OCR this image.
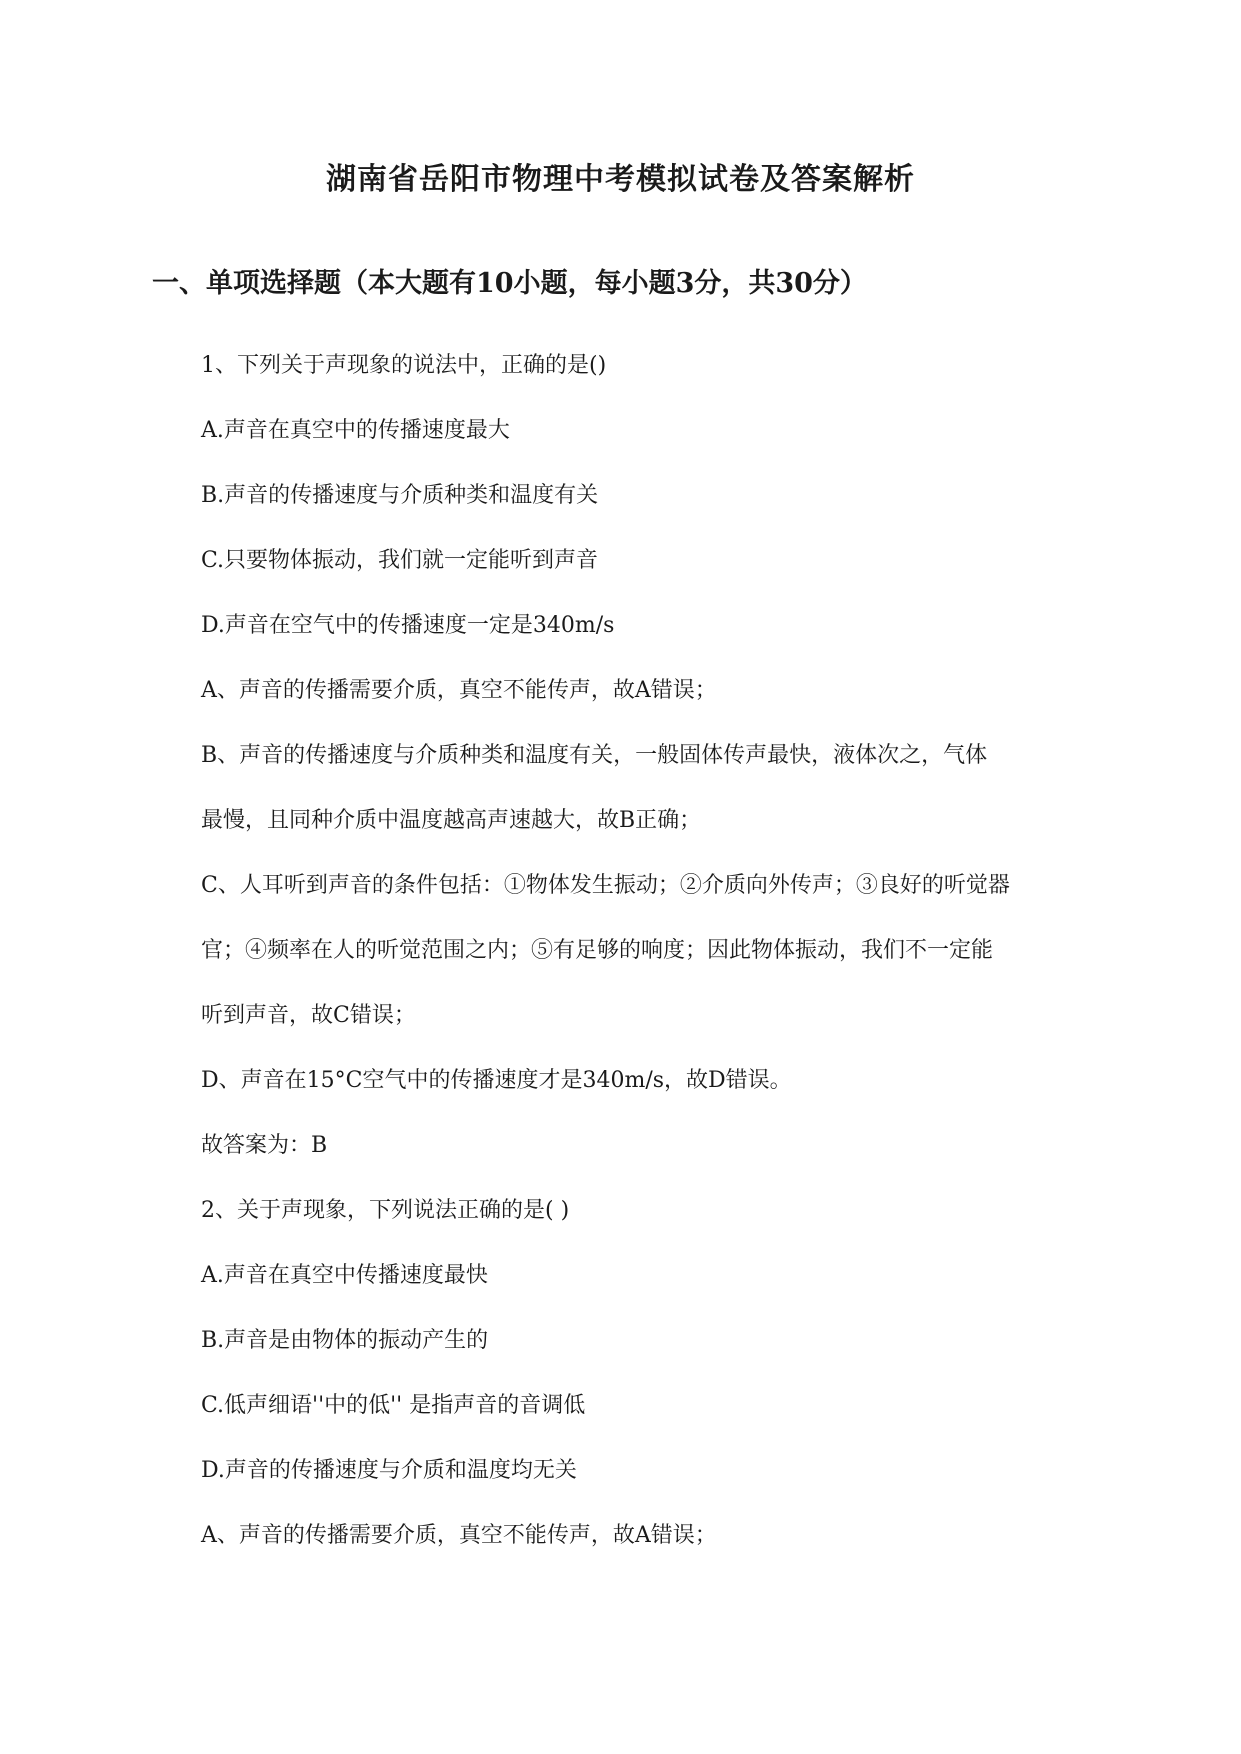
湖南省岳阳市物理中考模拟试卷及答案解析
一、单项选择题（本大题有10小题，每小题3分，共30分）

1、下列关于声现象的说法中，正确的是()

A.声音在真空中的传播速度最大

B.声音的传播速度与介质种类和温度有关

C.只要物体振动，我们就一定能听到声音

D.声音在空气中的传播速度一定是340m/s

A、声音的传播需要介质，真空不能传声，故A错误；

B、声音的传播速度与介质种类和温度有关，一般固体传声最快，液体次之，气体

最慢，且同种介质中温度越高声速越大，故B正确；

C、人耳听到声音的条件包括：①物体发生振动；②介质向外传声；③良好的听觉器

官；④频率在人的听觉范围之内；⑤有足够的响度；因此物体振动，我们不一定能

听到声音，故C错误；

D、声音在15°C空气中的传播速度才是340m/s，故D错误。

故答案为：B

2、关于声现象，下列说法正确的是( )

A.声音在真空中传播速度最快

B.声音是由物体的振动产生的

C.低声细语''中的低'' 是指声音的音调低

D.声音的传播速度与介质和温度均无关

A、声音的传播需要介质，真空不能传声，故A错误；
